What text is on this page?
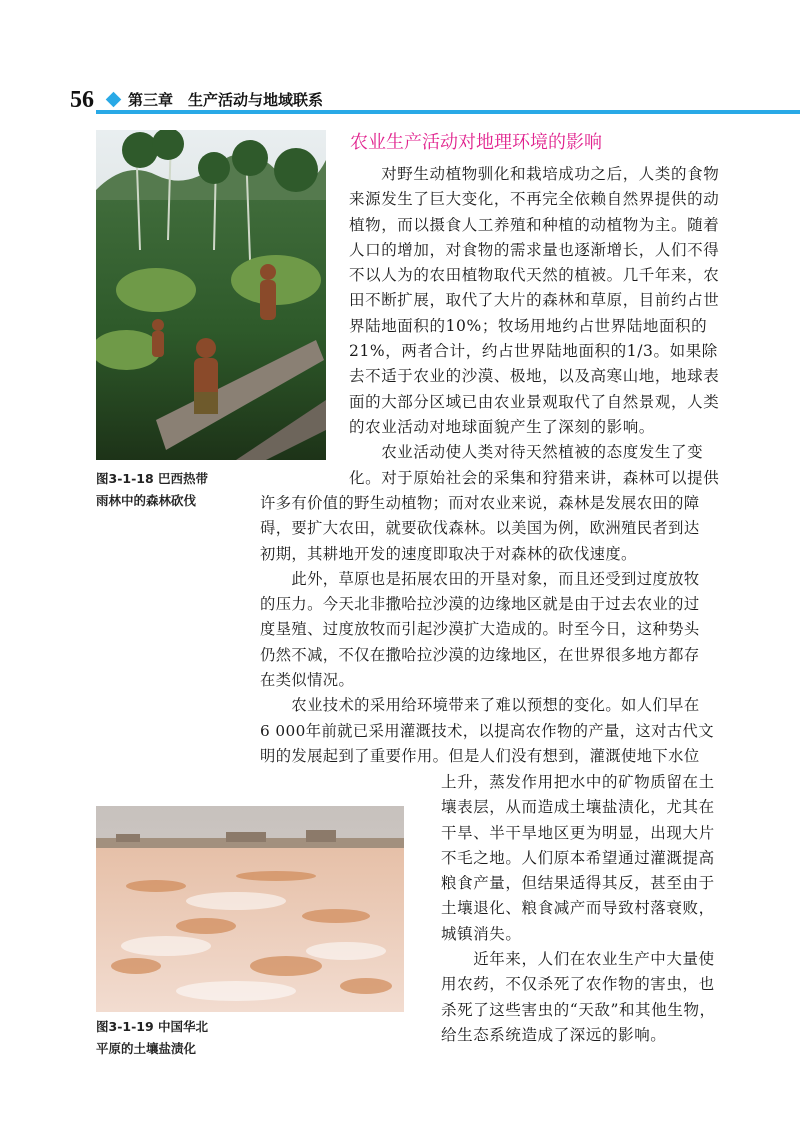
56 第三章　生产活动与地域联系
图3-1-18 巴西热带
雨林中的森林砍伐
图3-1-19 中国华北
平原的土壤盐渍化
农业生产活动对地理环境的影响
　　对野生动植物驯化和栽培成功之后，人类的食物
来源发生了巨大变化，不再完全依赖自然界提供的动
植物，而以摄食人工养殖和种植的动植物为主。随着
人口的增加，对食物的需求量也逐渐增长，人们不得
不以人为的农田植物取代天然的植被。几千年来，农
田不断扩展，取代了大片的森林和草原，目前约占世
界陆地面积的10%；牧场用地约占世界陆地面积的
21%，两者合计，约占世界陆地面积的1/3。如果除
去不适于农业的沙漠、极地，以及高寒山地，地球表
面的大部分区域已由农业景观取代了自然景观，人类
的农业活动对地球面貌产生了深刻的影响。
　　农业活动使人类对待天然植被的态度发生了变
化。对于原始社会的采集和狩猎来讲，森林可以提供
许多有价值的野生动植物；而对农业来说，森林是发展农田的障
碍，要扩大农田，就要砍伐森林。以美国为例，欧洲殖民者到达
初期，其耕地开发的速度即取决于对森林的砍伐速度。
　　此外，草原也是拓展农田的开垦对象，而且还受到过度放牧
的压力。今天北非撒哈拉沙漠的边缘地区就是由于过去农业的过
度垦殖、过度放牧而引起沙漠扩大造成的。时至今日，这种势头
仍然不减，不仅在撒哈拉沙漠的边缘地区，在世界很多地方都存
在类似情况。
　　农业技术的采用给环境带来了难以预想的变化。如人们早在
6 000年前就已采用灌溉技术，以提高农作物的产量，这对古代文
明的发展起到了重要作用。但是人们没有想到，灌溉使地下水位
上升，蒸发作用把水中的矿物质留在土
壤表层，从而造成土壤盐渍化，尤其在
干旱、半干旱地区更为明显，出现大片
不毛之地。人们原本希望通过灌溉提高
粮食产量，但结果适得其反，甚至由于
土壤退化、粮食减产而导致村落衰败，
城镇消失。
　　近年来，人们在农业生产中大量使
用农药，不仅杀死了农作物的害虫，也
杀死了这些害虫的“天敌”和其他生物，
给生态系统造成了深远的影响。
